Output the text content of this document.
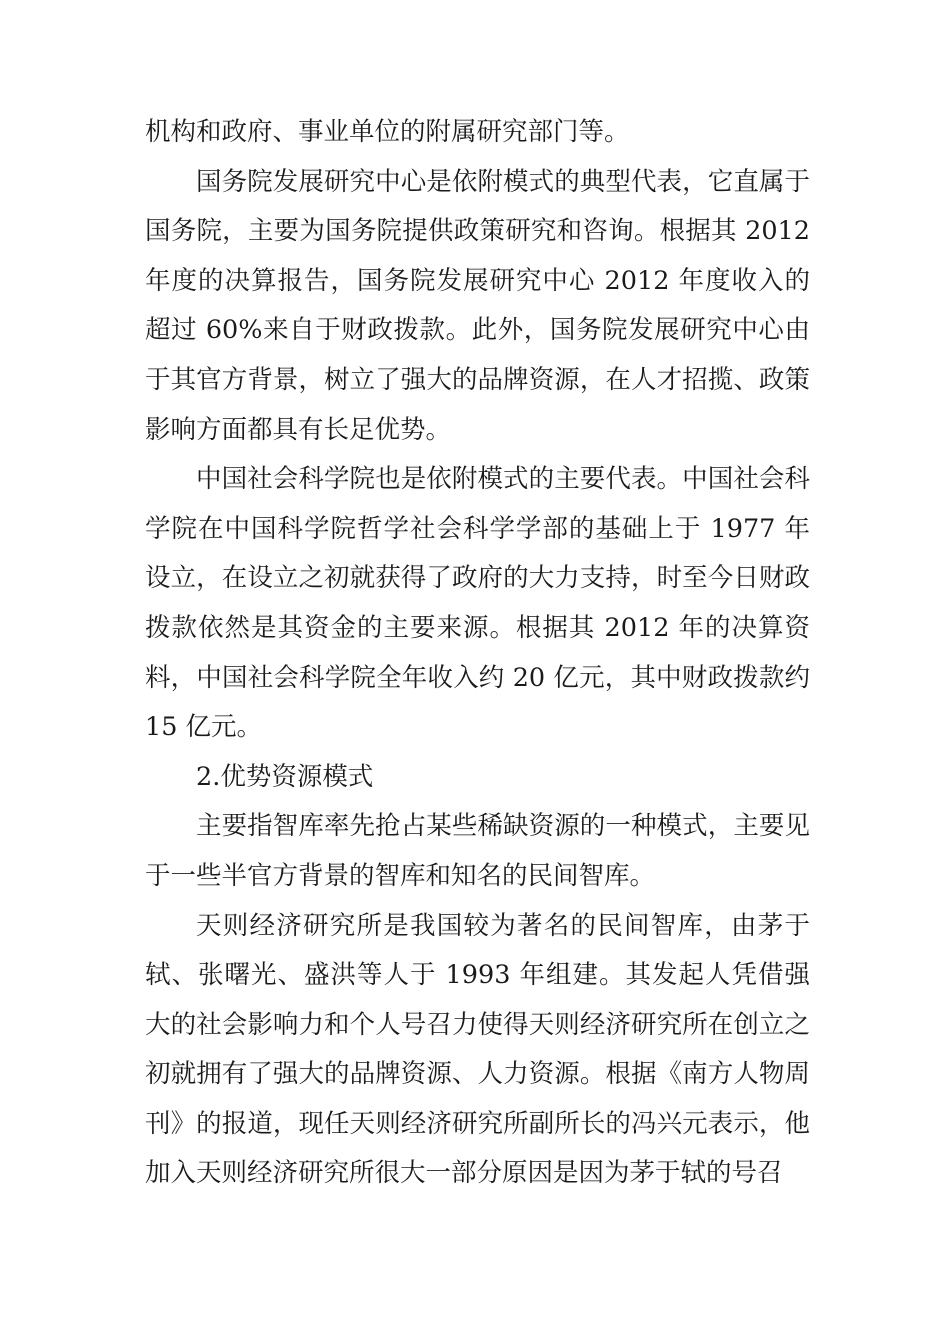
机构和政府、事业单位的附属研究部门等。

国务院发展研究中心是依附模式的典型代表，它直属于国务院，主要为国务院提供政策研究和咨询。根据其 2012 年度的决算报告，国务院发展研究中心 2012 年度收入的超过 60%来自于财政拨款。此外，国务院发展研究中心由于其官方背景，树立了强大的品牌资源，在人才招揽、政策影响方面都具有长足优势。

中国社会科学院也是依附模式的主要代表。中国社会科学院在中国科学院哲学社会科学学部的基础上于 1977 年设立，在设立之初就获得了政府的大力支持，时至今日财政拨款依然是其资金的主要来源。根据其 2012 年的决算资料，中国社会科学院全年收入约 20 亿元，其中财政拨款约 15 亿元。

2.优势资源模式

主要指智库率先抢占某些稀缺资源的一种模式，主要见于一些半官方背景的智库和知名的民间智库。

天则经济研究所是我国较为著名的民间智库，由茅于轼、张曙光、盛洪等人于 1993 年组建。其发起人凭借强大的社会影响力和个人号召力使得天则经济研究所在创立之初就拥有了强大的品牌资源、人力资源。根据《南方人物周刊》的报道，现任天则经济研究所副所长的冯兴元表示，他加入天则经济研究所很大一部分原因是因为茅于轼的号召
